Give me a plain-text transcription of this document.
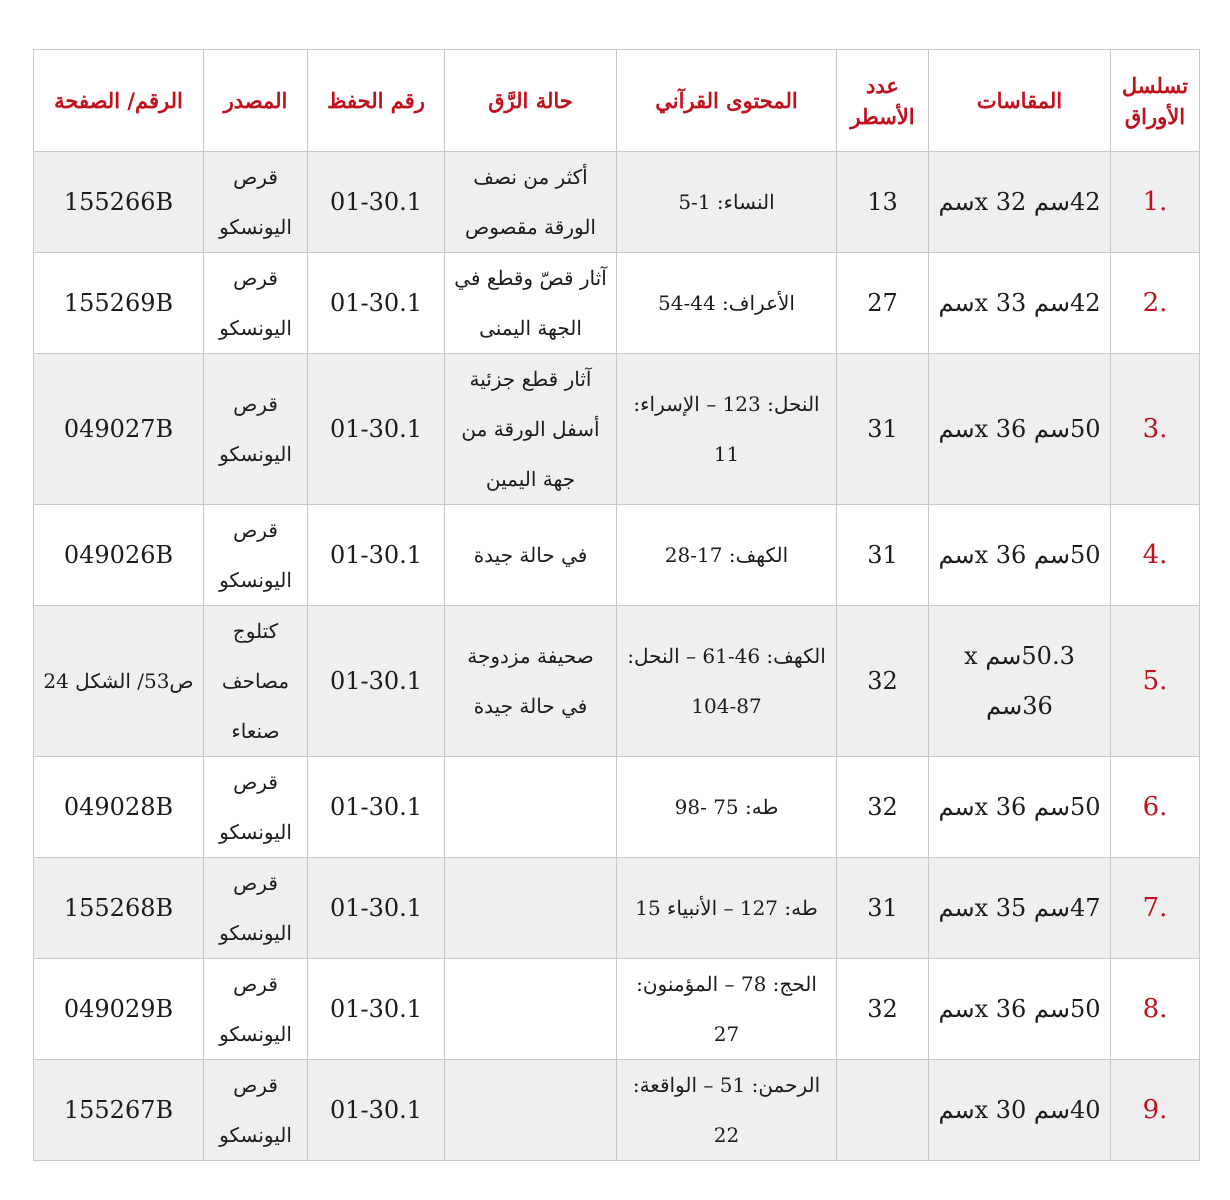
تسلسل الأوراق	المقاسات	عدد الأسطر	المحتوى القرآني	حالة الرَّق	رقم الحفظ	المصدر	الرقم/ الصفحة
.1	42سم x 32سم	13	النساء: 1-5	أكثر من نصف الورقة مقصوص	01-30.1	قرص اليونسكو	155266B
.2	42سم x 33سم	27	الأعراف: 44-54	آثار قصّ وقطع في الجهة اليمنى	01-30.1	قرص اليونسكو	155269B
.3	50سم x 36سم	31	النحل: 123 – الإسراء: 11	آثار قطع جزئية أسفل الورقة من جهة اليمين	01-30.1	قرص اليونسكو	049027B
.4	50سم x 36سم	31	الكهف: 17-28	في حالة جيدة	01-30.1	قرص اليونسكو	049026B
.5	50.3سم x 36سم	32	الكهف: 46-61 – النحل: 87-104	صحيفة مزدوجة في حالة جيدة	01-30.1	كتلوج مصاحف صنعاء	ص53/ الشكل 24
.6	50سم x 36سم	32	طه: 75 -98		01-30.1	قرص اليونسكو	049028B
.7	47سم x 35سم	31	طه: 127 – الأنبياء 15		01-30.1	قرص اليونسكو	155268B
.8	50سم x 36سم	32	الحج: 78 – المؤمنون: 27		01-30.1	قرص اليونسكو	049029B
.9	40سم x 30سم		الرحمن: 51 – الواقعة: 22		01-30.1	قرص اليونسكو	155267B
